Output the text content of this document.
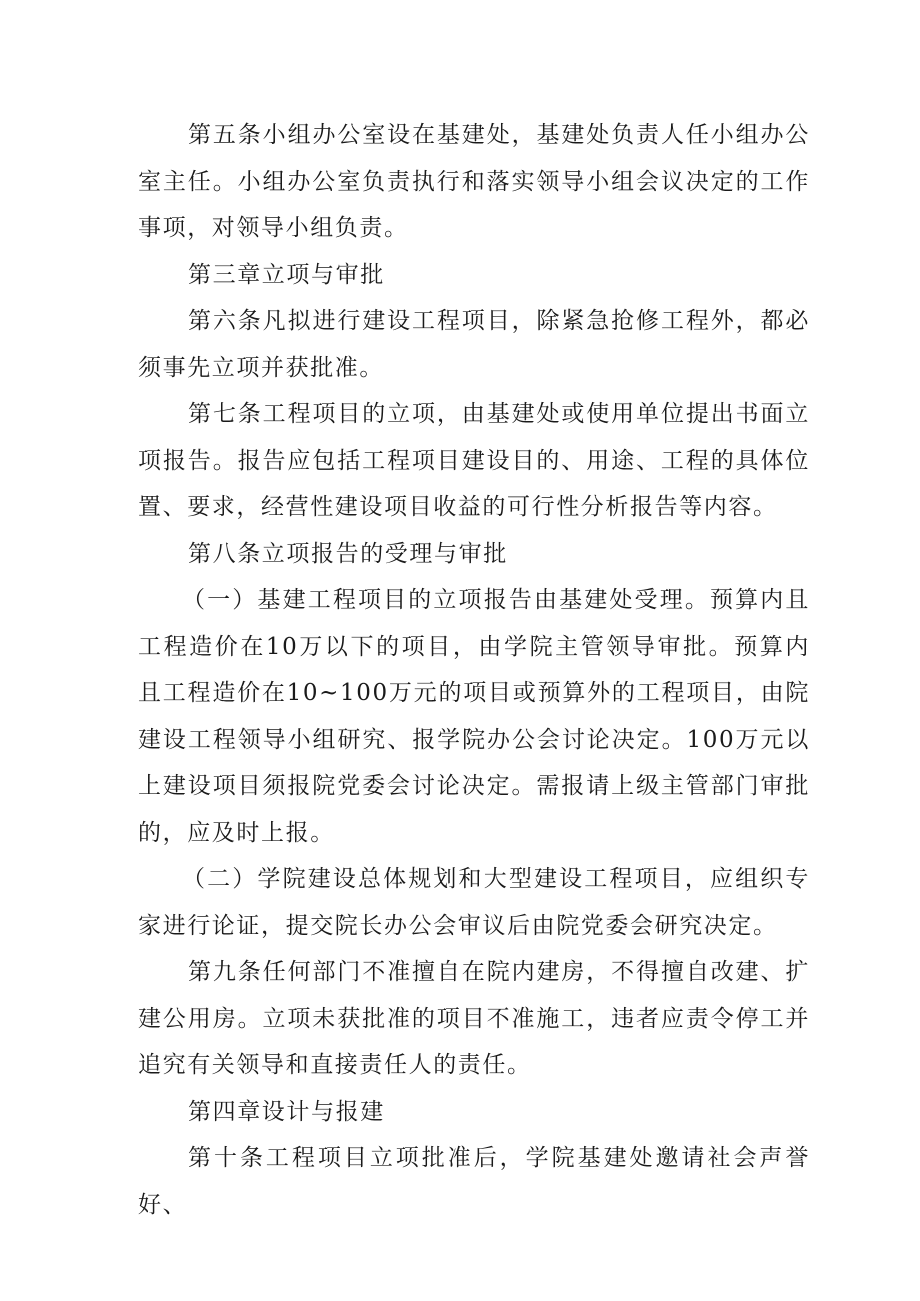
第五条小组办公室设在基建处，基建处负责人任小组办公室主任。小组办公室负责执行和落实领导小组会议决定的工作事项，对领导小组负责。

第三章立项与审批

第六条凡拟进行建设工程项目，除紧急抢修工程外，都必须事先立项并获批准。

第七条工程项目的立项，由基建处或使用单位提出书面立项报告。报告应包括工程项目建设目的、用途、工程的具体位置、要求，经营性建设项目收益的可行性分析报告等内容。

第八条立项报告的受理与审批

（一）基建工程项目的立项报告由基建处受理。预算内且工程造价在10万以下的项目，由学院主管领导审批。预算内且工程造价在10~100万元的项目或预算外的工程项目，由院建设工程领导小组研究、报学院办公会讨论决定。100万元以上建设项目须报院党委会讨论决定。需报请上级主管部门审批的，应及时上报。

（二）学院建设总体规划和大型建设工程项目，应组织专家进行论证，提交院长办公会审议后由院党委会研究决定。

第九条任何部门不准擅自在院内建房，不得擅自改建、扩建公用房。立项未获批准的项目不准施工，违者应责令停工并追究有关领导和直接责任人的责任。

第四章设计与报建

第十条工程项目立项批准后，学院基建处邀请社会声誉好、
